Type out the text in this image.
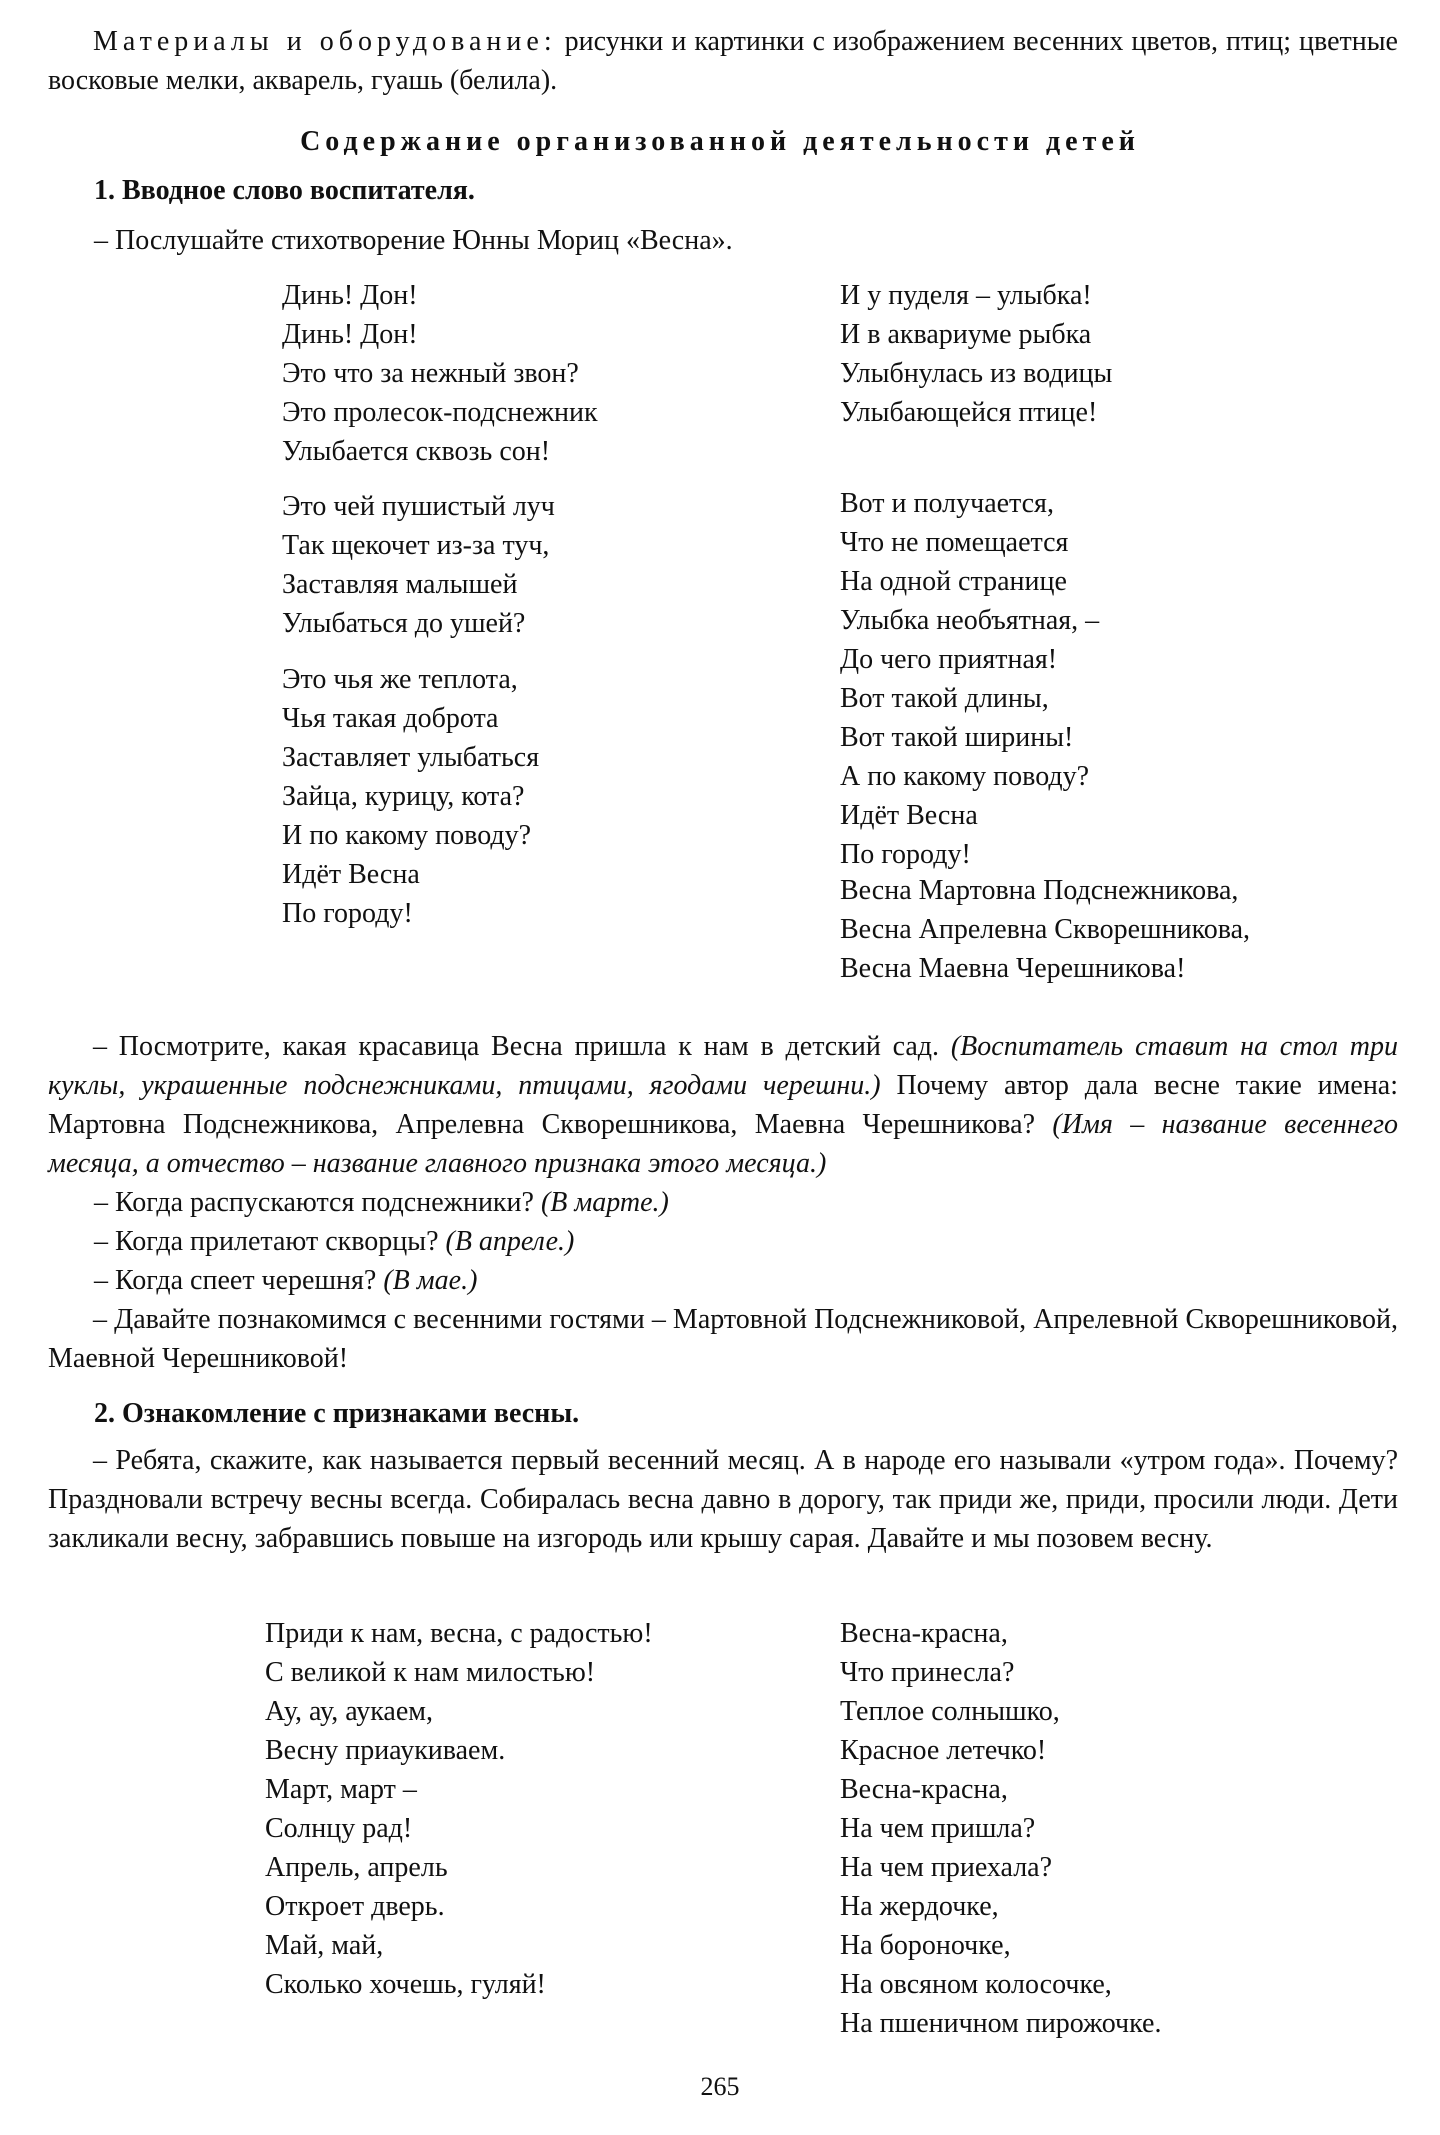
Материалы и оборудование: рисунки и картинки с изображением весенних цветов, птиц; цветные восковые мелки, акварель, гуашь (белила).
Содержание организованной деятельности детей
1. Вводное слово воспитателя.
– Послушайте стихотворение Юнны Мориц «Весна».
Динь! Дон!
Динь! Дон!
Это что за нежный звон?
Это пролесок-подснежник
Улыбается сквозь сон!
Это чей пушистый луч
Так щекочет из-за туч,
Заставляя малышей
Улыбаться до ушей?
Это чья же теплота,
Чья такая доброта
Заставляет улыбаться
Зайца, курицу, кота?
И по какому поводу?
Идёт Весна
По городу!
И у пуделя – улыбка!
И в аквариуме рыбка
Улыбнулась из водицы
Улыбающейся птице!
Вот и получается,
Что не помещается
На одной странице
Улыбка необъятная, –
До чего приятная!
Вот такой длины,
Вот такой ширины!
А по какому поводу?
Идёт Весна
По городу!
Весна Мартовна Подснежникова,
Весна Апрелевна Скворешникова,
Весна Маевна Черешникова!
– Посмотрите, какая красавица Весна пришла к нам в детский сад. (Воспитатель ставит на стол три куклы, украшенные подснежниками, птицами, ягодами черешни.) Почему автор дала весне такие имена: Мартовна Подснежникова, Апрелевна Скворешникова, Маевна Черешникова? (Имя – название весеннего месяца, а отчество – название главного признака этого месяца.)
– Когда распускаются подснежники? (В марте.)
– Когда прилетают скворцы? (В апреле.)
– Когда спеет черешня? (В мае.)
– Давайте познакомимся с весенними гостями – Мартовной Подснежниковой, Апрелевной Скворешниковой, Маевной Черешниковой!
2. Ознакомление с признаками весны.
– Ребята, скажите, как называется первый весенний месяц. А в народе его называли «утром года». Почему? Праздновали встречу весны всегда. Собиралась весна давно в дорогу, так приди же, приди, просили люди. Дети закликали весну, забравшись повыше на изгородь или крышу сарая. Давайте и мы позовем весну.
Приди к нам, весна, с радостью!
С великой к нам милостью!
Ау, ау, аукаем,
Весну приаукиваем.
Март, март –
Солнцу рад!
Апрель, апрель
Откроет дверь.
Май, май,
Сколько хочешь, гуляй!
Весна-красна,
Что принесла?
Теплое солнышко,
Красное летечко!
Весна-красна,
На чем пришла?
На чем приехала?
На жердочке,
На бороночке,
На овсяном колосочке,
На пшеничном пирожочке.
265
